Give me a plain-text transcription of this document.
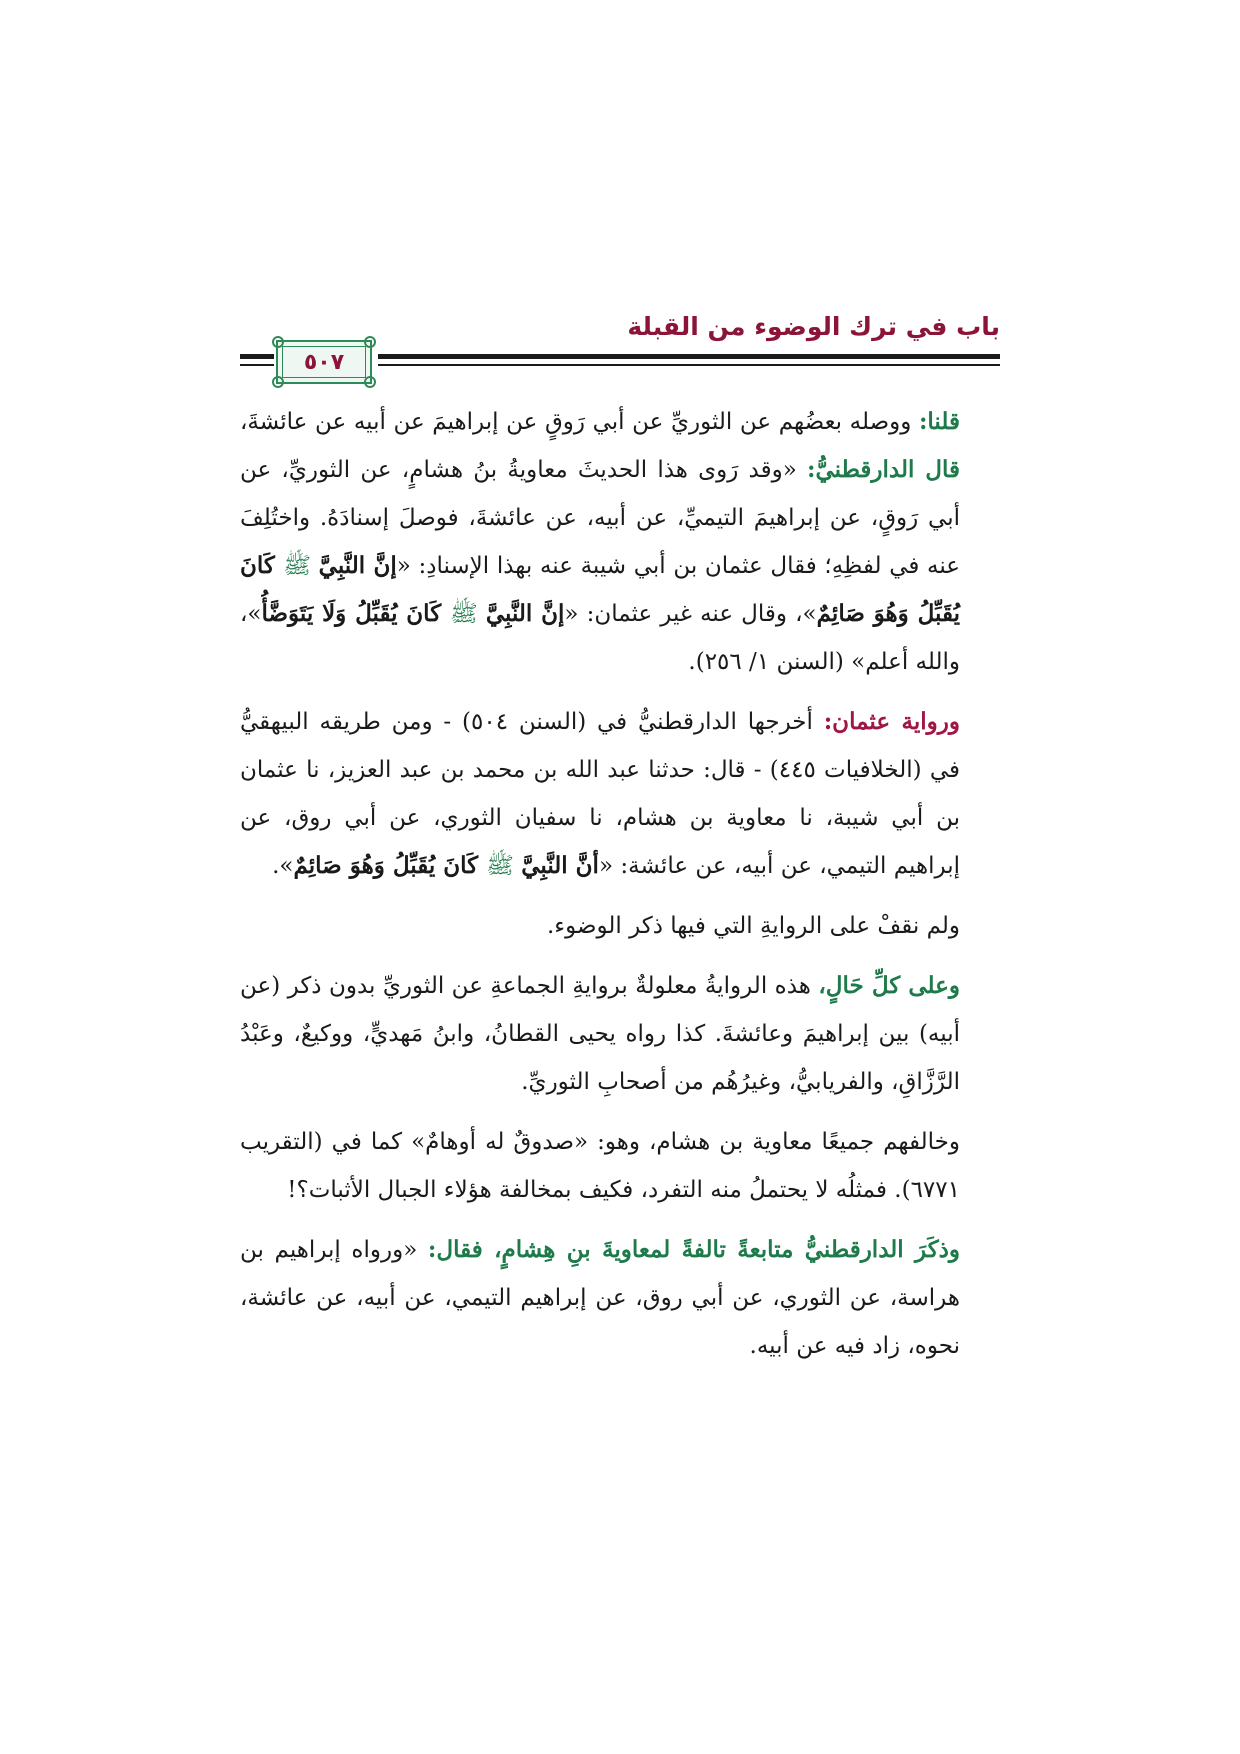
باب في ترك الوضوء من القبلة
٥٠٧

قلنا: ووصله بعضُهم عن الثوريِّ عن أبي رَوقٍ عن إبراهيمَ عن أبيه عن عائشةَ، قال الدارقطنيُّ: «وقد رَوى هذا الحديثَ معاويةُ بنُ هشامٍ، عن الثوريِّ، عن أبي رَوقٍ، عن إبراهيمَ التيميِّ، عن أبيه، عن عائشةَ، فوصلَ إسنادَهُ. واختُلِفَ عنه في لفظِهِ؛ فقال عثمان بن أبي شيبة عنه بهذا الإسنادِ: «إنَّ النَّبِيَّ ﷺ كَانَ يُقَبِّلُ وَهُوَ صَائِمٌ»، وقال عنه غير عثمان: «إنَّ النَّبِيَّ ﷺ كَانَ يُقَبِّلُ وَلَا يَتَوَضَّأُ»، والله أعلم» (السنن ١/ ٢٥٦).

ورواية عثمان: أخرجها الدارقطنيُّ في (السنن ٥٠٤) - ومن طريقه البيهقيُّ في (الخلافيات ٤٤٥) - قال: حدثنا عبد الله بن محمد بن عبد العزيز، نا عثمان بن أبي شيبة، نا معاوية بن هشام، نا سفيان الثوري، عن أبي روق، عن إبراهيم التيمي، عن أبيه، عن عائشة: «أنَّ النَّبِيَّ ﷺ كَانَ يُقَبِّلُ وَهُوَ صَائِمٌ».

ولم نقفْ على الروايةِ التي فيها ذكر الوضوء.

وعلى كلِّ حَالٍ، هذه الروايةُ معلولةٌ بروايةِ الجماعةِ عن الثوريِّ بدون ذكر (عن أبيه) بين إبراهيمَ وعائشةَ. كذا رواه يحيى القطانُ، وابنُ مَهديٍّ، ووكيعٌ، وعَبْدُ الرَّزَّاقِ، والفريابيُّ، وغيرُهُم من أصحابِ الثوريِّ.

وخالفهم جميعًا معاوية بن هشام، وهو: «صدوقٌ له أوهامٌ» كما في (التقريب ٦٧٧١). فمثلُه لا يحتملُ منه التفرد، فكيف بمخالفة هؤلاء الجبال الأثبات؟!

وذكَرَ الدارقطنيُّ متابعةً تالفةً لمعاويةَ بنِ هِشامٍ، فقال: «ورواه إبراهيم بن هراسة، عن الثوري، عن أبي روق، عن إبراهيم التيمي، عن أبيه، عن عائشة، نحوه، زاد فيه عن أبيه.
